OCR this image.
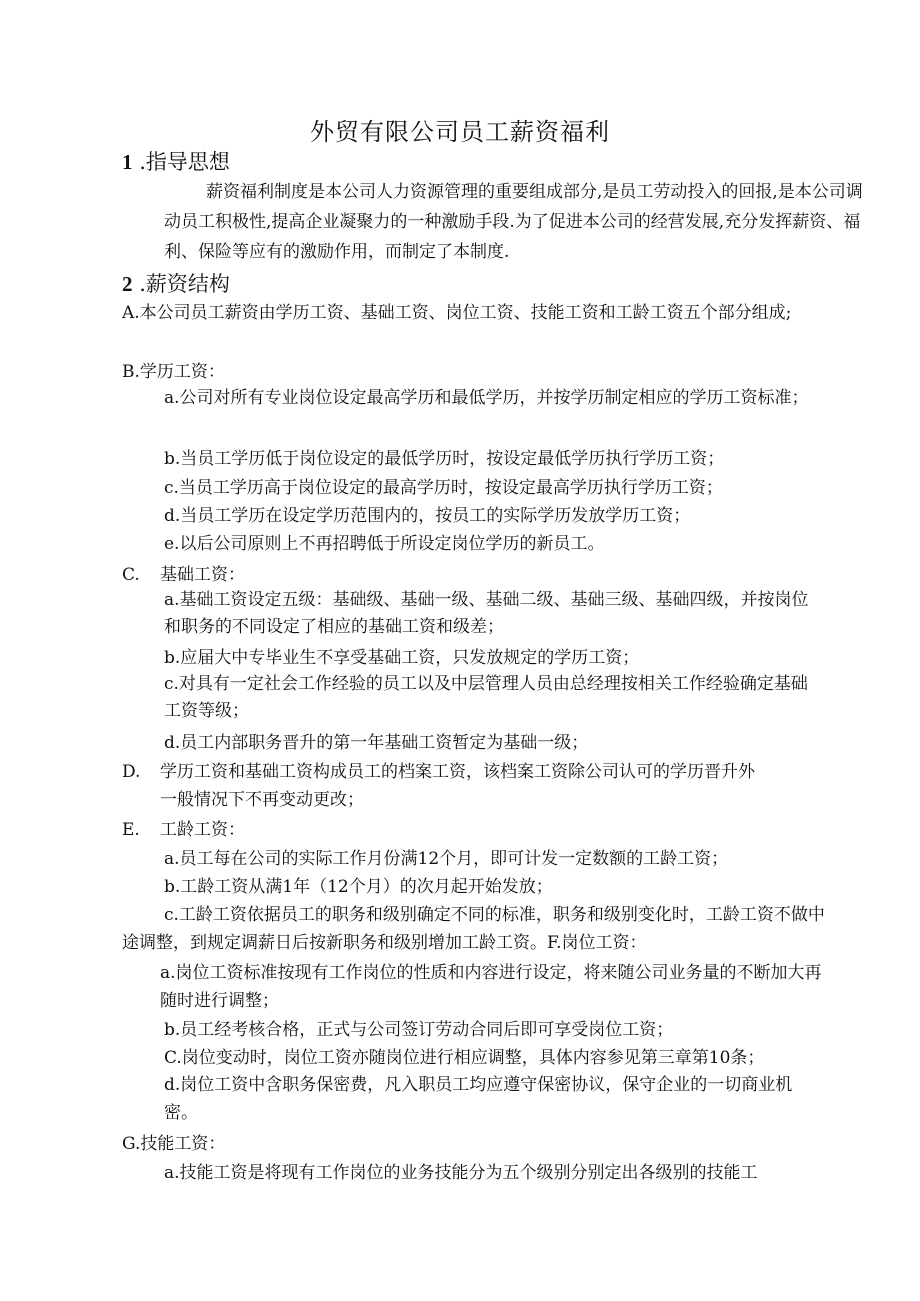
外贸有限公司员工薪资福利
1 .指导思想

薪资福利制度是本公司人力资源管理的重要组成部分,是员工劳动投入的回报,是本公司调动员工积极性,提高企业凝聚力的一种激励手段.为了促进本公司的经营发展,充分发挥薪资、福利、保险等应有的激励作用，而制定了本制度.

2 .薪资结构

A.本公司员工薪资由学历工资、基础工资、岗位工资、技能工资和工龄工资五个部分组成;

B.学历工资：

a.公司对所有专业岗位设定最高学历和最低学历，并按学历制定相应的学历工资标准；

b.当员工学历低于岗位设定的最低学历时，按设定最低学历执行学历工资；

c.当员工学历高于岗位设定的最高学历时，按设定最高学历执行学历工资；

d.当员工学历在设定学历范围内的，按员工的实际学历发放学历工资；

e.以后公司原则上不再招聘低于所设定岗位学历的新员工。

C. 基础工资：

a.基础工资设定五级：基础级、基础一级、基础二级、基础三级、基础四级，并按岗位和职务的不同设定了相应的基础工资和级差；

b.应届大中专毕业生不享受基础工资，只发放规定的学历工资；

c.对具有一定社会工作经验的员工以及中层管理人员由总经理按相关工作经验确定基础工资等级；

d.员工内部职务晋升的第一年基础工资暂定为基础一级；

D. 学历工资和基础工资构成员工的档案工资，该档案工资除公司认可的学历晋升外一般情况下不再变动更改；

E. 工龄工资：

a.员工每在公司的实际工作月份满12个月，即可计发一定数额的工龄工资；

b.工龄工资从满1年（12个月）的次月起开始发放；

c.工龄工资依据员工的职务和级别确定不同的标准，职务和级别变化时，工龄工资不做中途调整，到规定调薪日后按新职务和级别增加工龄工资。F.岗位工资：

a.岗位工资标准按现有工作岗位的性质和内容进行设定，将来随公司业务量的不断加大再随时进行调整；

b.员工经考核合格，正式与公司签订劳动合同后即可享受岗位工资；

C.岗位变动时，岗位工资亦随岗位进行相应调整，具体内容参见第三章第10条；

d.岗位工资中含职务保密费，凡入职员工均应遵守保密协议，保守企业的一切商业机密。

G.技能工资：

a.技能工资是将现有工作岗位的业务技能分为五个级别分别定出各级别的技能工
